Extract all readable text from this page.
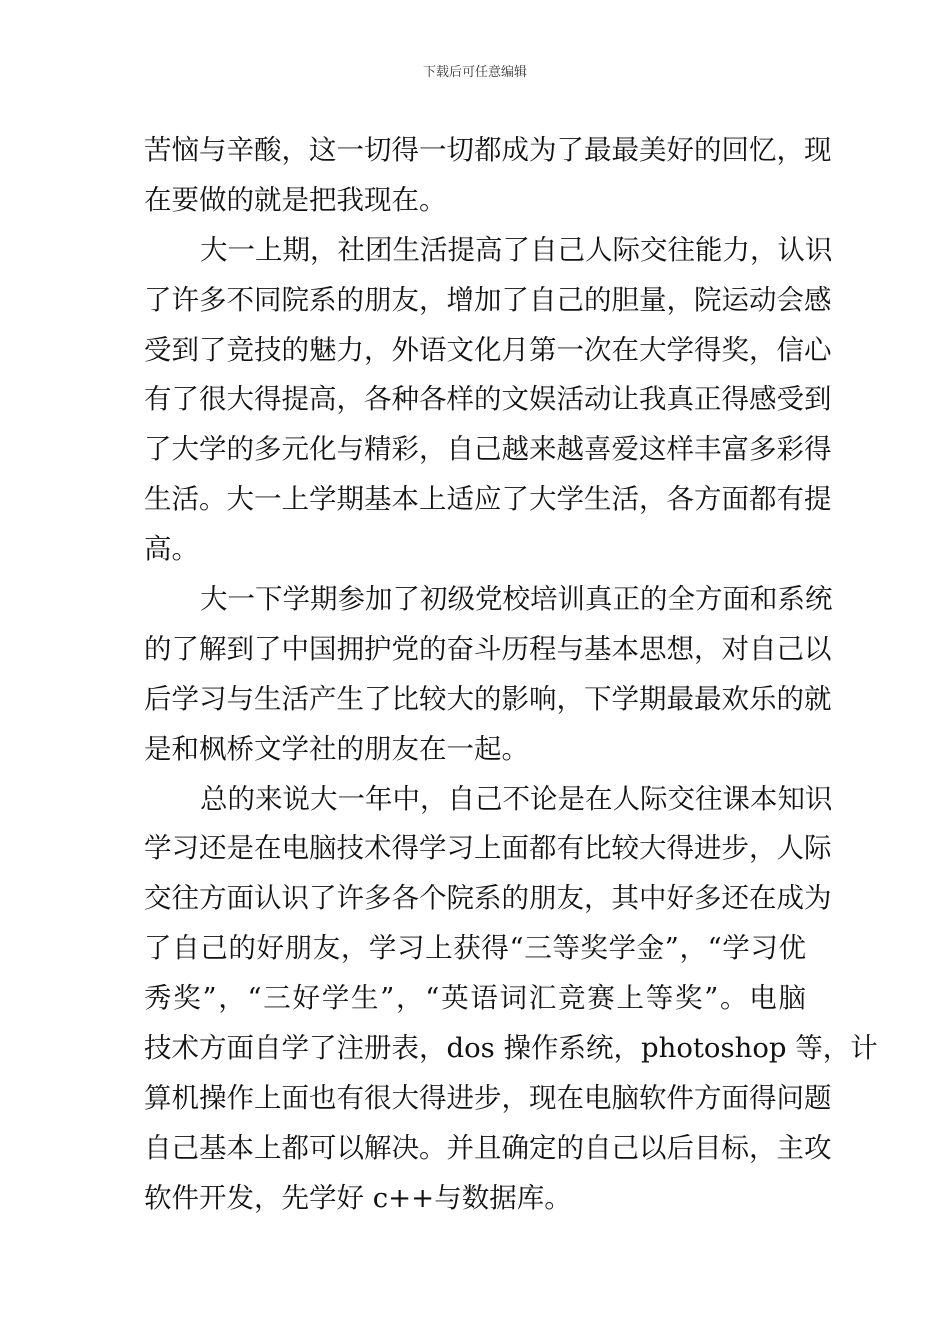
下载后可任意编辑
苦恼与辛酸，这一切得一切都成为了最最美好的回忆，现
在要做的就是把我现在。
大一上期，社团生活提高了自己人际交往能力，认识
了许多不同院系的朋友，增加了自己的胆量，院运动会感
受到了竞技的魅力，外语文化月第一次在大学得奖，信心
有了很大得提高，各种各样的文娱活动让我真正得感受到
了大学的多元化与精彩，自己越来越喜爱这样丰富多彩得
生活。大一上学期基本上适应了大学生活，各方面都有提
高。
大一下学期参加了初级党校培训真正的全方面和系统
的了解到了中国拥护党的奋斗历程与基本思想，对自己以
后学习与生活产生了比较大的影响，下学期最最欢乐的就
是和枫桥文学社的朋友在一起。
总的来说大一年中，自己不论是在人际交往课本知识
学习还是在电脑技术得学习上面都有比较大得进步，人际
交往方面认识了许多各个院系的朋友，其中好多还在成为
了自己的好朋友，学习上获得“三等奖学金”，“学习优
秀奖”，“三好学生”，“英语词汇竞赛上等奖”。电脑
技术方面自学了注册表，dos 操作系统，photoshop 等，计
算机操作上面也有很大得进步，现在电脑软件方面得问题
自己基本上都可以解决。并且确定的自己以后目标，主攻
软件开发，先学好 c++与数据库。
